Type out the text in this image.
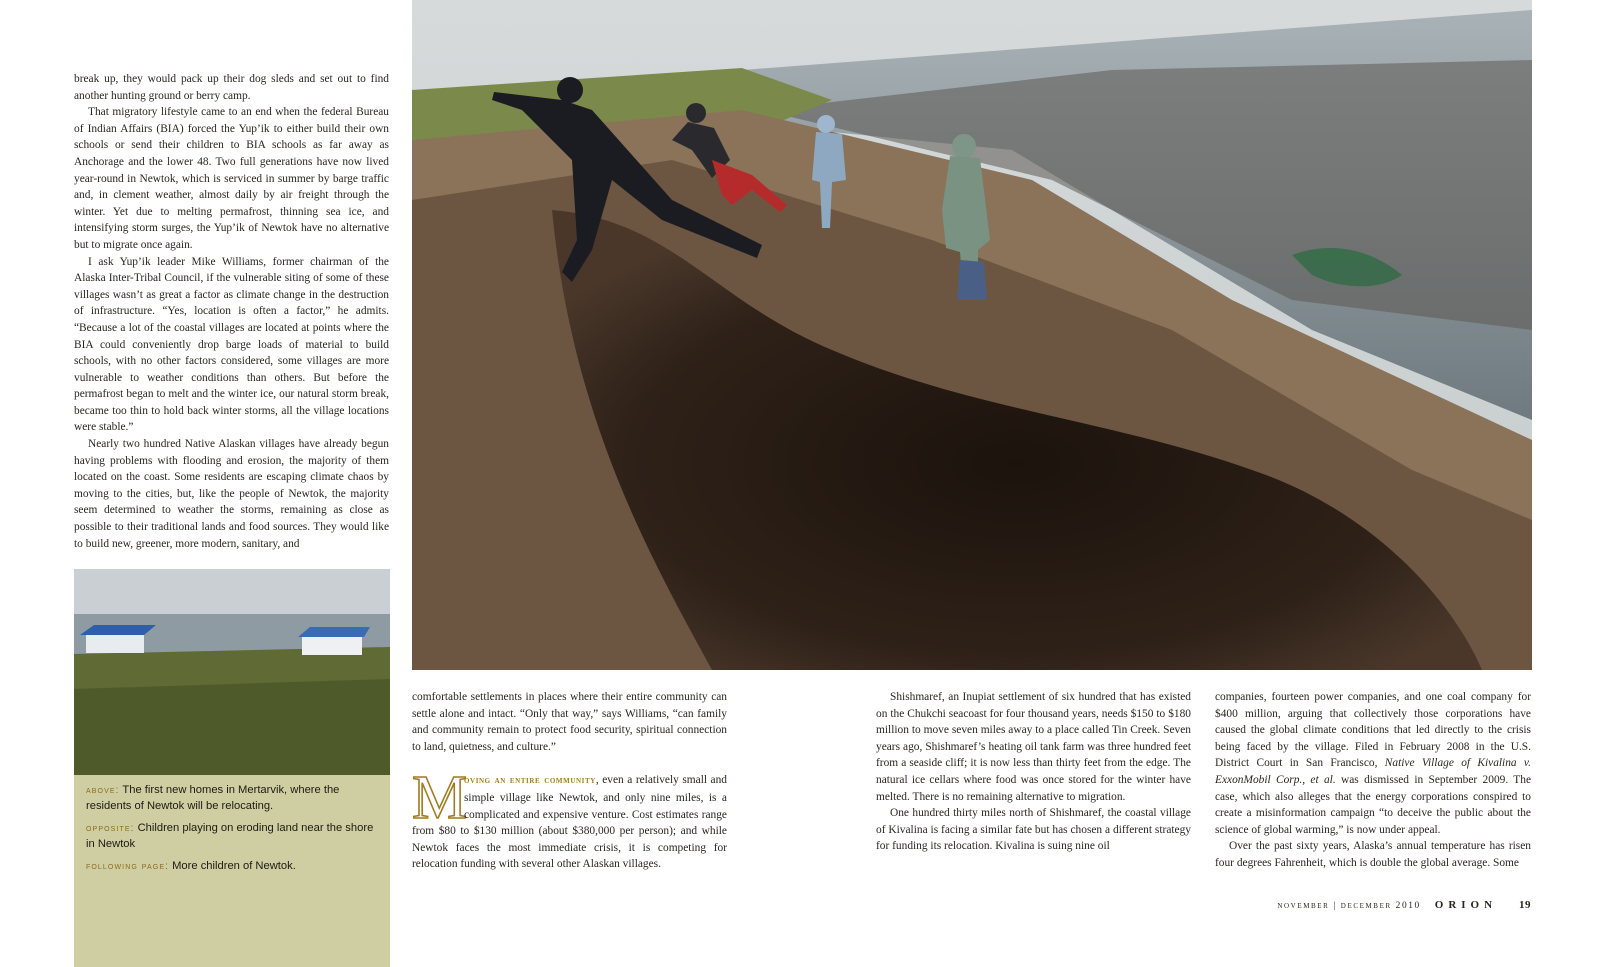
break up, they would pack up their dog sleds and set out to find another hunting ground or berry camp.

That migratory lifestyle came to an end when the federal Bureau of Indian Affairs (BIA) forced the Yup’ik to either build their own schools or send their children to BIA schools as far away as Anchorage and the lower 48. Two full generations have now lived year-round in Newtok, which is serviced in summer by barge traffic and, in clement weather, almost daily by air freight through the winter. Yet due to melting permafrost, thinning sea ice, and intensifying storm surges, the Yup’ik of Newtok have no alternative but to migrate once again.

I ask Yup’ik leader Mike Williams, former chairman of the Alaska Inter-Tribal Council, if the vulnerable siting of some of these villages wasn’t as great a factor as climate change in the destruction of infrastructure. “Yes, location is often a factor,” he admits. “Because a lot of the coastal villages are located at points where the BIA could conveniently drop barge loads of material to build schools, with no other factors considered, some villages are more vulnerable to weather conditions than others. But before the permafrost began to melt and the winter ice, our natural storm break, became too thin to hold back winter storms, all the village locations were stable.”

Nearly two hundred Native Alaskan villages have already begun having problems with flooding and erosion, the majority of them located on the coast. Some residents are escaping climate chaos by moving to the cities, but, like the people of Newtok, the majority seem determined to weather the storms, remaining as close as possible to their traditional lands and food sources. They would like to build new, greener, more modern, sanitary, and

above: The first new homes in Mertarvik, where the residents of Newtok will be relocating.

opposite: Children playing on eroding land near the shore in Newtok

following page: More children of Newtok.

comfortable settlements in places where their entire community can settle alone and intact. “Only that way,” says Williams, “can family and community remain to protect food security, spiritual connection to land, quietness, and culture.”

M
oving an entire community, even a relatively small and simple village like Newtok, and only nine miles, is a complicated and expensive venture. Cost estimates range from $80 to $130 million (about $380,000 per person); and while Newtok faces the most immediate crisis, it is competing for relocation funding with several other Alaskan villages.

Shishmaref, an Inupiat settlement of six hundred that has existed on the Chukchi seacoast for four thousand years, needs $150 to $180 million to move seven miles away to a place called Tin Creek. Seven years ago, Shishmaref’s heating oil tank farm was three hundred feet from a seaside cliff; it is now less than thirty feet from the edge. The natural ice cellars where food was once stored for the winter have melted. There is no remaining alternative to migration.

One hundred thirty miles north of Shishmaref, the coastal village of Kivalina is facing a similar fate but has chosen a different strategy for funding its relocation. Kivalina is suing nine oil

companies, fourteen power companies, and one coal company for $400 million, arguing that collectively those corporations have caused the global climate conditions that led directly to the crisis being faced by the village. Filed in February 2008 in the U.S. District Court in San Francisco, Native Village of Kivalina v. ExxonMobil Corp., et al. was dismissed in September 2009. The case, which also alleges that the energy corporations conspired to create a misinformation campaign “to deceive the public about the science of global warming,” is now under appeal.

Over the past sixty years, Alaska’s annual temperature has risen four degrees Fahrenheit, which is double the global average. Some

november | december 2010 ORION 19
